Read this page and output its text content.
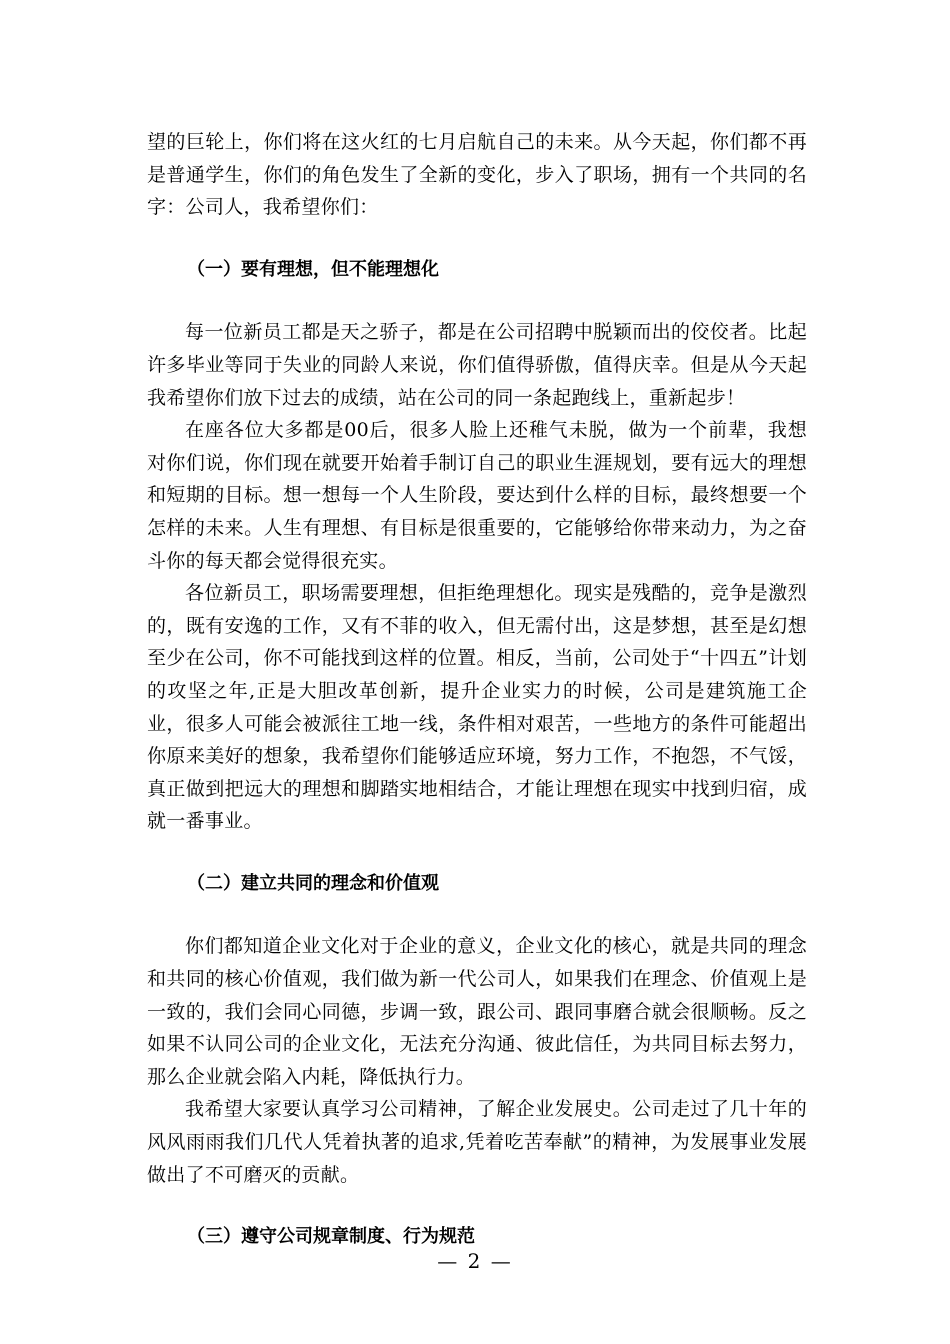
望的巨轮上，你们将在这火红的七月启航自己的未来。从今天起，你们都不再是普通学生，你们的角色发生了全新的变化，步入了职场，拥有一个共同的名字：公司人，我希望你们：

（一）要有理想，但不能理想化

每一位新员工都是天之骄子，都是在公司招聘中脱颖而出的佼佼者。比起许多毕业等同于失业的同龄人来说，你们值得骄傲，值得庆幸。但是从今天起我希望你们放下过去的成绩，站在公司的同一条起跑线上，重新起步！

在座各位大多都是00后，很多人脸上还稚气未脱，做为一个前辈，我想对你们说，你们现在就要开始着手制订自己的职业生涯规划，要有远大的理想和短期的目标。想一想每一个人生阶段，要达到什么样的目标，最终想要一个怎样的未来。人生有理想、有目标是很重要的，它能够给你带来动力，为之奋斗你的每天都会觉得很充实。

各位新员工，职场需要理想，但拒绝理想化。现实是残酷的，竞争是激烈的，既有安逸的工作，又有不菲的收入，但无需付出，这是梦想，甚至是幻想至少在公司，你不可能找到这样的位置。相反，当前，公司处于“十四五”计划的攻坚之年,正是大胆改革创新，提升企业实力的时候，公司是建筑施工企业，很多人可能会被派往工地一线，条件相对艰苦，一些地方的条件可能超出你原来美好的想象，我希望你们能够适应环境，努力工作，不抱怨，不气馁，真正做到把远大的理想和脚踏实地相结合，才能让理想在现实中找到归宿，成就一番事业。

（二）建立共同的理念和价值观

你们都知道企业文化对于企业的意义，企业文化的核心，就是共同的理念和共同的核心价值观，我们做为新一代公司人，如果我们在理念、价值观上是一致的，我们会同心同德，步调一致，跟公司、跟同事磨合就会很顺畅。反之如果不认同公司的企业文化，无法充分沟通、彼此信任，为共同目标去努力，那么企业就会陷入内耗，降低执行力。

我希望大家要认真学习公司精神，了解企业发展史。公司走过了几十年的风风雨雨我们几代人凭着执著的追求,凭着吃苦奉献”的精神，为发展事业发展做出了不可磨灭的贡献。

（三）遵守公司规章制度、行为规范

— 2 —
